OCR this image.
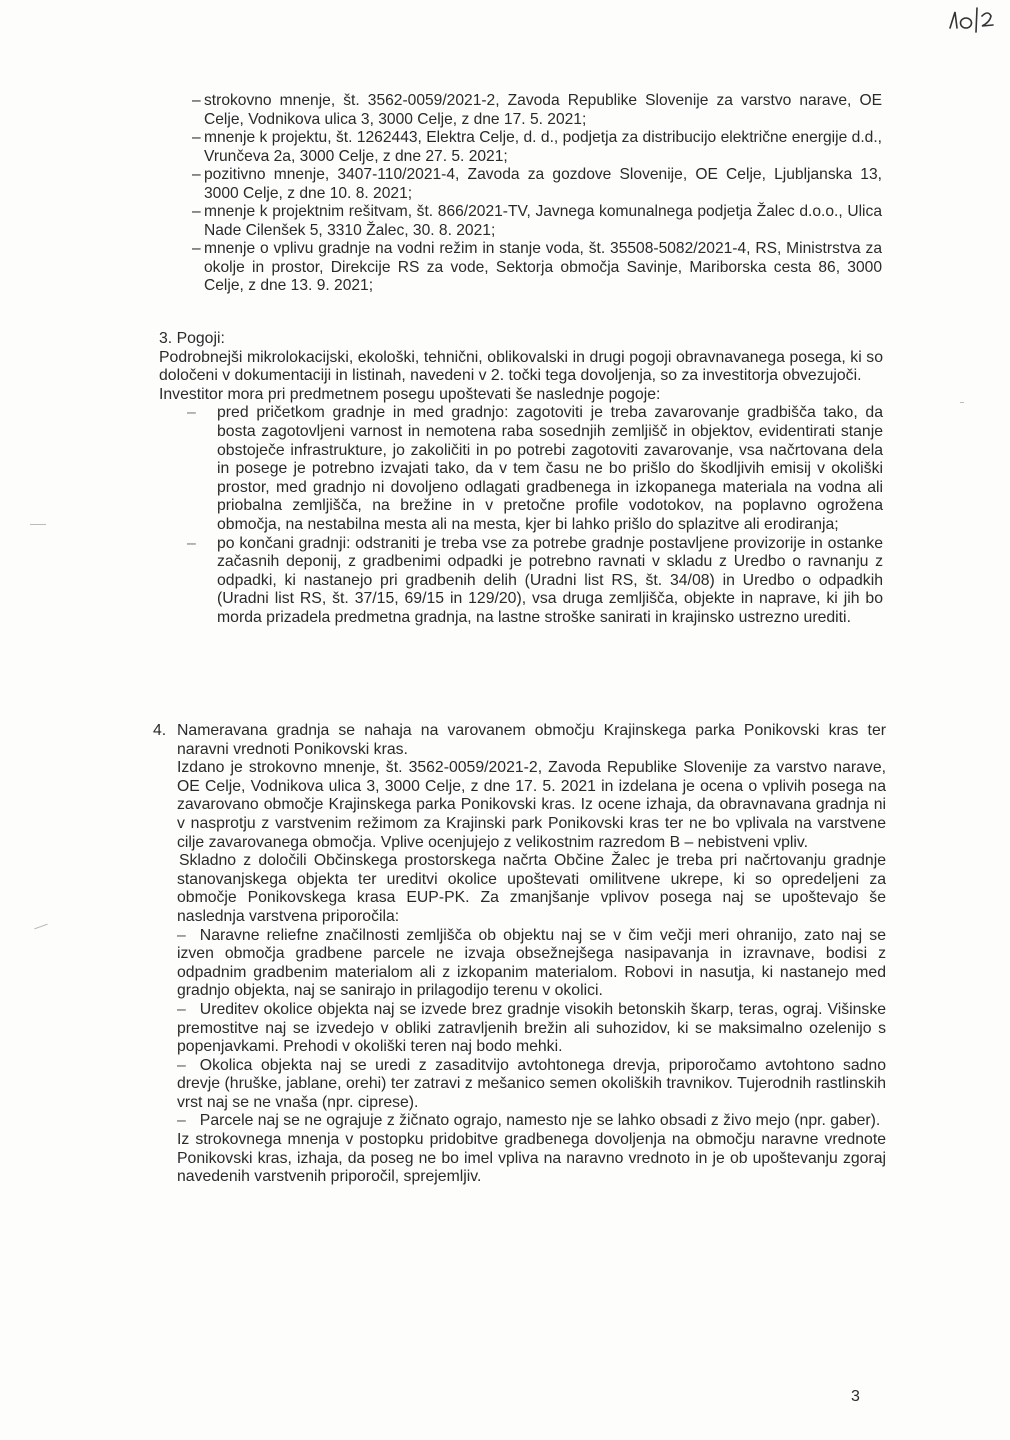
– strokovno mnenje, št. 3562-0059/2021-2, Zavoda Republike Slovenije za varstvo narave, OE Celje, Vodnikova ulica 3, 3000 Celje, z dne 17. 5. 2021;
– mnenje k projektu, št. 1262443, Elektra Celje, d. d., podjetja za distribucijo električne energije d.d., Vrunčeva 2a, 3000 Celje, z dne 27. 5. 2021;
– pozitivno mnenje, 3407-110/2021-4, Zavoda za gozdove Slovenije, OE Celje, Ljubljanska 13, 3000 Celje, z dne 10. 8. 2021;
– mnenje k projektnim rešitvam, št. 866/2021-TV, Javnega komunalnega podjetja Žalec d.o.o., Ulica Nade Cilenšek 5, 3310 Žalec, 30. 8. 2021;
– mnenje o vplivu gradnje na vodni režim in stanje voda, št. 35508-5082/2021-4, RS, Ministrstva za okolje in prostor, Direkcije RS za vode, Sektorja območja Savinje, Mariborska cesta 86, 3000 Celje, z dne 13. 9. 2021;

3. Pogoji:

Podrobnejši mikrolokacijski, ekološki, tehnični, oblikovalski in drugi pogoji obravnavanega posega, ki so določeni v dokumentaciji in listinah, navedeni v 2. točki tega dovoljenja, so za investitorja obvezujoči.

Investitor mora pri predmetnem posegu upoštevati še naslednje pogoje:

– pred pričetkom gradnje in med gradnjo: zagotoviti je treba zavarovanje gradbišča tako, da bosta zagotovljeni varnost in nemotena raba sosednjih zemljišč in objektov, evidentirati stanje obstoječe infrastrukture, jo zakoličiti in po potrebi zagotoviti zavarovanje, vsa načrtovana dela in posege je potrebno izvajati tako, da v tem času ne bo prišlo do škodljivih emisij v okoliški prostor, med gradnjo ni dovoljeno odlagati gradbenega in izkopanega materiala na vodna ali priobalna zemljišča, na brežine in v pretočne profile vodotokov, na poplavno ogrožena območja, na nestabilna mesta ali na mesta, kjer bi lahko prišlo do splazitve ali erodiranja;
– po končani gradnji: odstraniti je treba vse za potrebe gradnje postavljene provizorije in ostanke začasnih deponij, z gradbenimi odpadki je potrebno ravnati v skladu z Uredbo o ravnanju z odpadki, ki nastanejo pri gradbenih delih (Uradni list RS, št. 34/08) in Uredbo o odpadkih (Uradni list RS, št. 37/15, 69/15 in 129/20), vsa druga zemljišča, objekte in naprave, ki jih bo morda prizadela predmetna gradnja, na lastne stroške sanirati in krajinsko ustrezno urediti.
4. Nameravana gradnja se nahaja na varovanem območju Krajinskega parka Ponikovski kras ter naravni vrednoti Ponikovski kras.

Izdano je strokovno mnenje, št. 3562-0059/2021-2, Zavoda Republike Slovenije za varstvo narave, OE Celje, Vodnikova ulica 3, 3000 Celje, z dne 17. 5. 2021 in izdelana je ocena o vplivih posega na zavarovano območje Krajinskega parka Ponikovski kras. Iz ocene izhaja, da obravnavana gradnja ni v nasprotju z varstvenim režimom za Krajinski park Ponikovski kras ter ne bo vplivala na varstvene cilje zavarovanega območja. Vplive ocenjujejo z velikostnim razredom B – nebistveni vpliv.

Skladno z določili Občinskega prostorskega načrta Občine Žalec je treba pri načrtovanju gradnje stanovanjskega objekta ter ureditvi okolice upoštevati omilitvene ukrepe, ki so opredeljeni za območje Ponikovskega krasa EUP-PK. Za zmanjšanje vplivov posega naj se upoštevajo še naslednja varstvena priporočila:

– Naravne reliefne značilnosti zemljišča ob objektu naj se v čim večji meri ohranijo, zato naj se izven območja gradbene parcele ne izvaja obsežnejšega nasipavanja in izravnave, bodisi z odpadnim gradbenim materialom ali z izkopanim materialom. Robovi in nasutja, ki nastanejo med gradnjo objekta, naj se sanirajo in prilagodijo terenu v okolici.

– Ureditev okolice objekta naj se izvede brez gradnje visokih betonskih škarp, teras, ograj. Višinske premostitve naj se izvedejo v obliki zatravljenih brežin ali suhozidov, ki se maksimalno ozelenijo s popenjavkami. Prehodi v okoliški teren naj bodo mehki.

– Okolica objekta naj se uredi z zasaditvijo avtohtonega drevja, priporočamo avtohtono sadno drevje (hruške, jablane, orehi) ter zatravi z mešanico semen okoliških travnikov. Tujerodnih rastlinskih vrst naj se ne vnaša (npr. ciprese).

– Parcele naj se ne ograjuje z žičnato ograjo, namesto nje se lahko obsadi z živo mejo (npr. gaber).

Iz strokovnega mnenja v postopku pridobitve gradbenega dovoljenja na območju naravne vrednote Ponikovski kras, izhaja, da poseg ne bo imel vpliva na naravno vrednoto in je ob upoštevanju zgoraj navedenih varstvenih priporočil, sprejemljiv.

3
